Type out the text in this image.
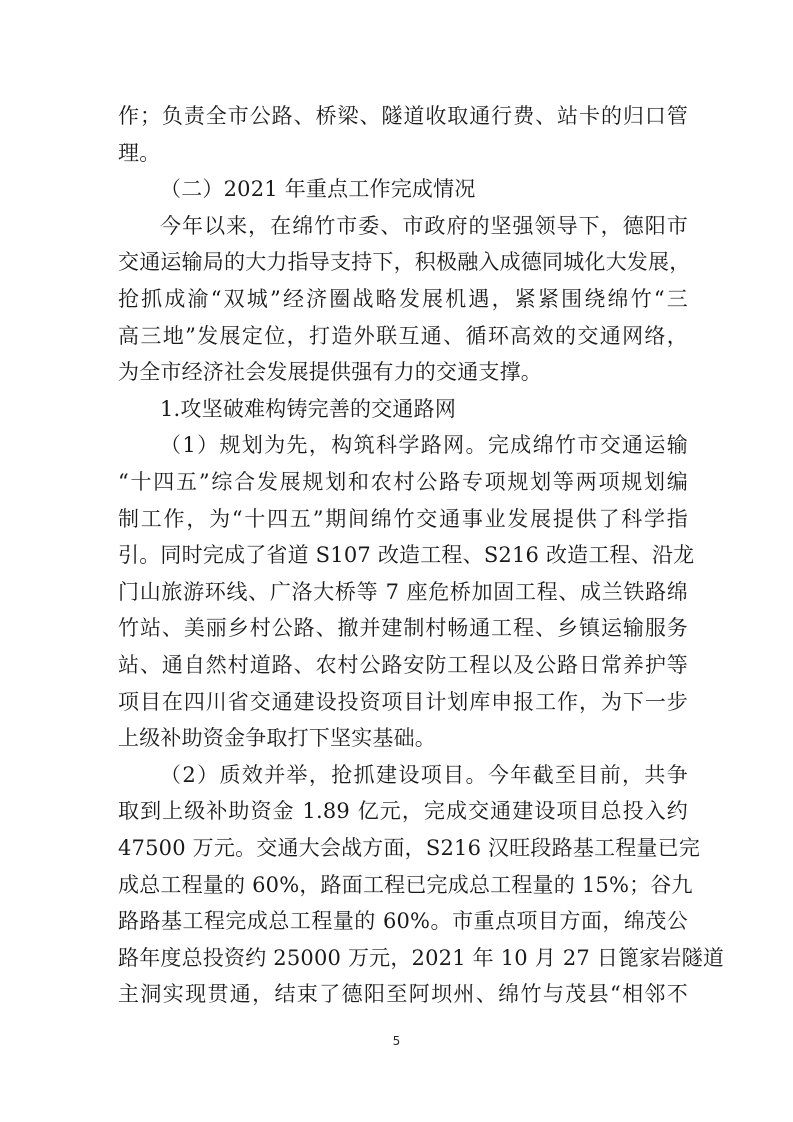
作；负责全市公路、桥梁、隧道收取通行费、站卡的归口管
理。
（二）2021 年重点工作完成情况
今年以来，在绵竹市委、市政府的坚强领导下，德阳市
交通运输局的大力指导支持下，积极融入成德同城化大发展，
抢抓成渝“双城”经济圈战略发展机遇，紧紧围绕绵竹“三
高三地”发展定位，打造外联互通、循环高效的交通网络，
为全市经济社会发展提供强有力的交通支撑。
1.攻坚破难构铸完善的交通路网
（1）规划为先，构筑科学路网。完成绵竹市交通运输
“十四五”综合发展规划和农村公路专项规划等两项规划编
制工作，为“十四五”期间绵竹交通事业发展提供了科学指
引。同时完成了省道 S107 改造工程、S216 改造工程、沿龙
门山旅游环线、广洛大桥等 7 座危桥加固工程、成兰铁路绵
竹站、美丽乡村公路、撤并建制村畅通工程、乡镇运输服务
站、通自然村道路、农村公路安防工程以及公路日常养护等
项目在四川省交通建设投资项目计划库申报工作，为下一步
上级补助资金争取打下坚实基础。
（2）质效并举，抢抓建设项目。今年截至目前，共争
取到上级补助资金 1.89 亿元，完成交通建设项目总投入约
47500 万元。交通大会战方面，S216 汉旺段路基工程量已完
成总工程量的 60%，路面工程已完成总工程量的 15%；谷九
路路基工程完成总工程量的 60%。市重点项目方面，绵茂公
路年度总投资约 25000 万元，2021 年 10 月 27 日篦家岩隧道
主洞实现贯通，结束了德阳至阿坝州、绵竹与茂县“相邻不
5
